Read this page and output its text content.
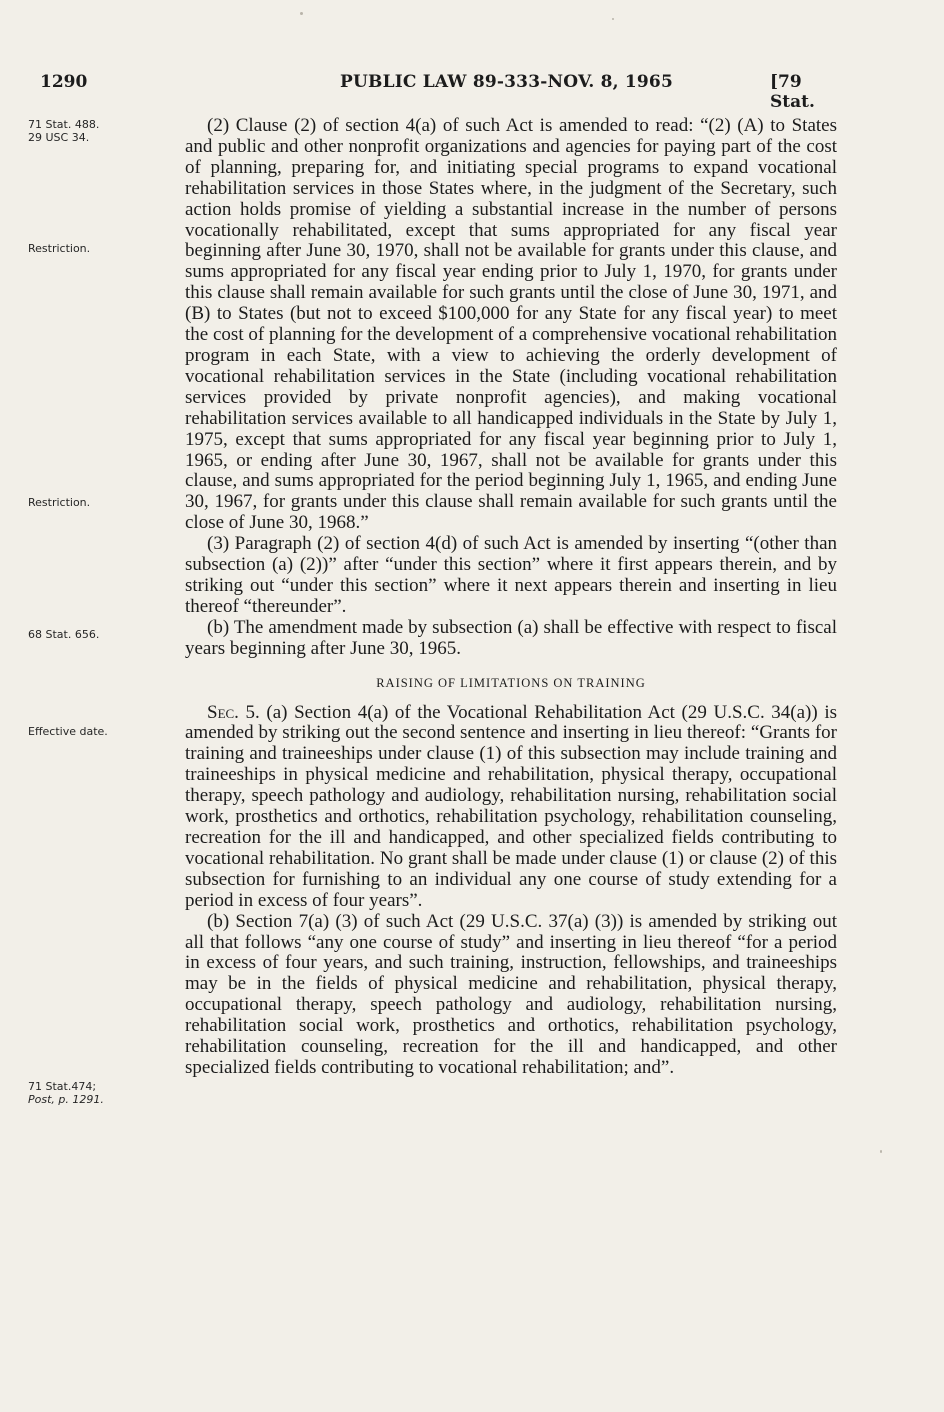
1290	PUBLIC LAW 89-333-NOV. 8, 1965	[79 Stat.
71 Stat. 488.
29 USC 34.
Restriction.
Restriction.
68 Stat. 656.
Effective date.
71 Stat.474;
Post, p. 1291.

(2) Clause (2) of section 4(a) of such Act is amended to read: “(2) (A) to States and public and other nonprofit organizations and agencies for paying part of the cost of planning, preparing for, and initiating special programs to expand vocational rehabilitation services in those States where, in the judgment of the Secretary, such action holds promise of yielding a substantial increase in the number of persons vocationally rehabilitated, except that sums appropriated for any fiscal year beginning after June 30, 1970, shall not be available for grants under this clause, and sums appropriated for any fiscal year ending prior to July 1, 1970, for grants under this clause shall remain available for such grants until the close of June 30, 1971, and (B) to States (but not to exceed $100,000 for any State for any fiscal year) to meet the cost of planning for the development of a comprehensive vocational rehabilitation program in each State, with a view to achieving the orderly development of vocational rehabilitation services in the State (including vocational rehabilitation services provided by private nonprofit agencies), and making vocational rehabilitation services available to all handicapped individuals in the State by July 1, 1975, except that sums appropriated for any fiscal year beginning prior to July 1, 1965, or ending after June 30, 1967, shall not be available for grants under this clause, and sums appropriated for the period beginning July 1, 1965, and ending June 30, 1967, for grants under this clause shall remain available for such grants until the close of June 30, 1968.”

(3) Paragraph (2) of section 4(d) of such Act is amended by inserting “(other than subsection (a) (2))” after “under this section” where it first appears therein, and by striking out “under this section” where it next appears therein and inserting in lieu thereof “thereunder”.

(b) The amendment made by subsection (a) shall be effective with respect to fiscal years beginning after June 30, 1965.

RAISING OF LIMITATIONS ON TRAINING

Sec. 5. (a) Section 4(a) of the Vocational Rehabilitation Act (29 U.S.C. 34(a)) is amended by striking out the second sentence and inserting in lieu thereof: “Grants for training and traineeships under clause (1) of this subsection may include training and traineeships in physical medicine and rehabilitation, physical therapy, occupational therapy, speech pathology and audiology, rehabilitation nursing, rehabilitation social work, prosthetics and orthotics, rehabilitation psychology, rehabilitation counseling, recreation for the ill and handicapped, and other specialized fields contributing to vocational rehabilitation. No grant shall be made under clause (1) or clause (2) of this subsection for furnishing to an individual any one course of study extending for a period in excess of four years”.

(b) Section 7(a) (3) of such Act (29 U.S.C. 37(a) (3)) is amended by striking out all that follows “any one course of study” and inserting in lieu thereof “for a period in excess of four years, and such training, instruction, fellowships, and traineeships may be in the fields of physical medicine and rehabilitation, physical therapy, occupational therapy, speech pathology and audiology, rehabilitation nursing, rehabilitation social work, prosthetics and orthotics, rehabilitation psychology, rehabilitation counseling, recreation for the ill and handicapped, and other specialized fields contributing to vocational rehabilitation; and”.
